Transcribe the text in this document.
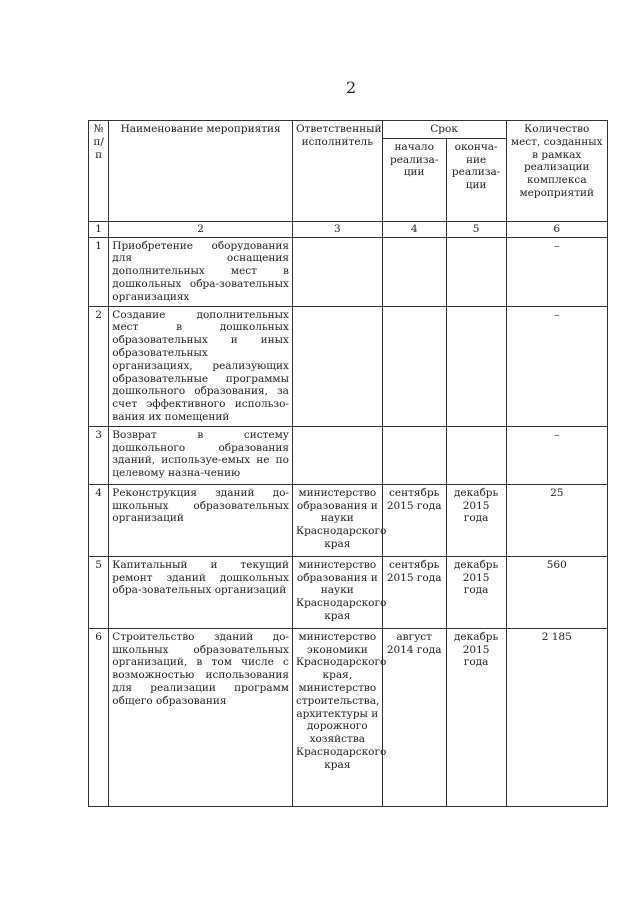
2
№ п/п	Наименование мероприятия	Ответственный исполнитель	Срок		Количество мест, созданных в рамках реализации комплекса мероприятий
			начало реализа-ции	оконча-ние реализа-ции	
1	2	3	4	5	6
1	Приобретение оборудования для оснащения дополнительных мест в дошкольных обра-зовательных организациях				–
2	Создание дополнительных мест в дошкольных образовательных и иных образовательных организациях, реализующих образовательные программы дошкольного образования, за счет эффективного использо-вания их помещений				–
3	Возврат в систему дошкольного образования зданий, используе-емых не по целевому назна-чению				–
4	Реконструкция зданий до-школьных образовательных организаций	министерство образования и науки Краснодарского края	сентябрь 2015 года	декабрь 2015 года	25
5	Капитальный и текущий ремонт зданий дошкольных обра-зовательных организаций	министерство образования и науки Краснодарского края	сентябрь 2015 года	декабрь 2015 года	560
6	Строительство зданий до-школьных образовательных организаций, в том числе с возможностью использования для реализации программ общего образования	министерство экономики Краснодарского края, министерство строительства, архитектуры и дорожного хозяйства Краснодарского края	август 2014 года	декабрь 2015 года	2 185
